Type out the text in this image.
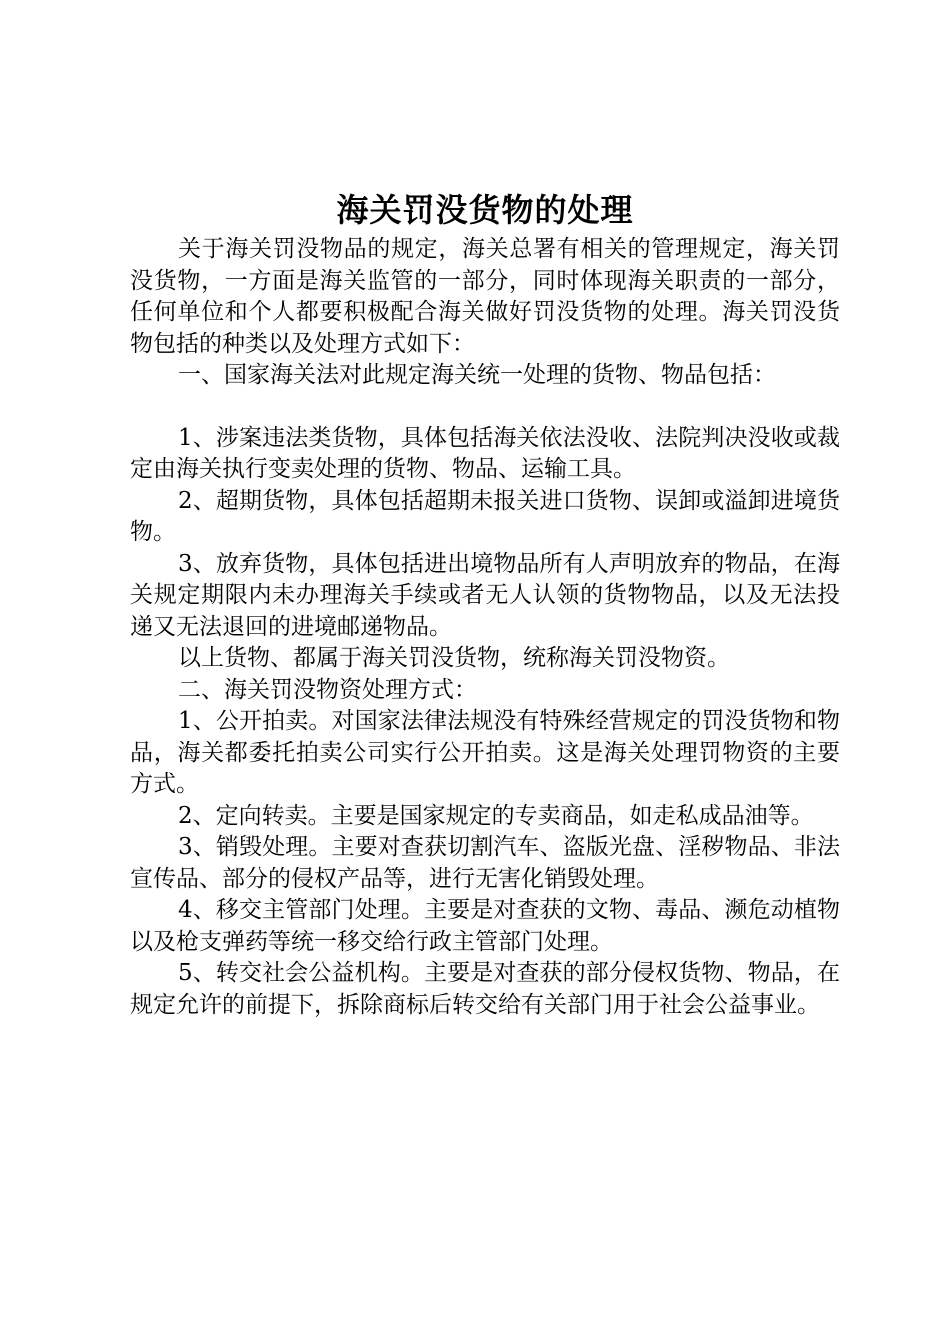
海关罚没货物的处理

关于海关罚没物品的规定，海关总署有相关的管理规定，海关罚没货物，一方面是海关监管的一部分，同时体现海关职责的一部分，任何单位和个人都要积极配合海关做好罚没货物的处理。海关罚没货物包括的种类以及处理方式如下：

一、国家海关法对此规定海关统一处理的货物、物品包括：

1、涉案违法类货物，具体包括海关依法没收、法院判决没收或裁定由海关执行变卖处理的货物、物品、运输工具。

2、超期货物，具体包括超期未报关进口货物、误卸或溢卸进境货物。

3、放弃货物，具体包括进出境物品所有人声明放弃的物品，在海关规定期限内未办理海关手续或者无人认领的货物物品，以及无法投递又无法退回的进境邮递物品。

以上货物、都属于海关罚没货物，统称海关罚没物资。

二、海关罚没物资处理方式：

1、公开拍卖。对国家法律法规没有特殊经营规定的罚没货物和物品，海关都委托拍卖公司实行公开拍卖。这是海关处理罚物资的主要方式。

2、定向转卖。主要是国家规定的专卖商品，如走私成品油等。

3、销毁处理。主要对查获切割汽车、盗版光盘、淫秽物品、非法宣传品、部分的侵权产品等，进行无害化销毁处理。

4、移交主管部门处理。主要是对查获的文物、毒品、濒危动植物以及枪支弹药等统一移交给行政主管部门处理。

5、转交社会公益机构。主要是对查获的部分侵权货物、物品，在规定允许的前提下，拆除商标后转交给有关部门用于社会公益事业。
